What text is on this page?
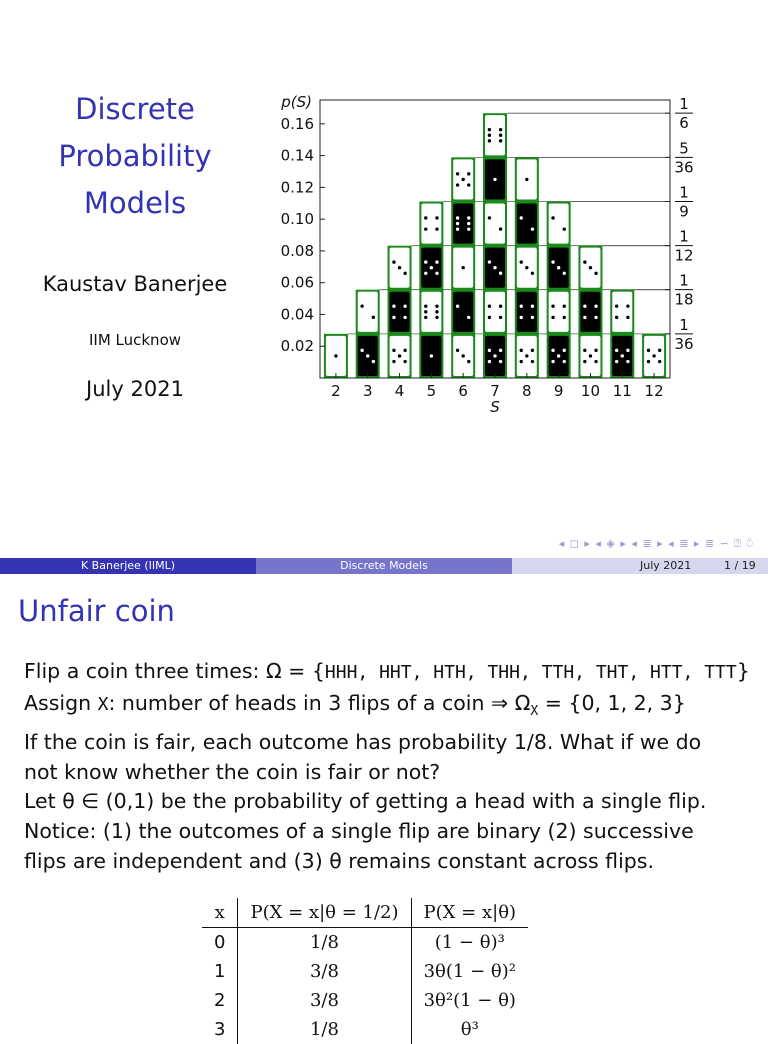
Discrete
Probability
Models
Kaustav Banerjee
IIM Lucknow
July 2021
0.02
0.04
0.06
0.08
0.10
0.12
0.14
0.16
p(S)
2 3 4 5 6 7 8 9 10 11 12
S
1
36
1
18
1
12
1
9
5
36
1
6
◂ ◻ ▸ ◂ ◈ ▸ ◂ ≣ ▸ ◂ ≣ ▸ ≣ ∽ ⍰ ⍥
K Banerjee (IIML)	Discrete Models	July 2021	1 / 19
Unfair coin

Flip a coin three times: Ω = {HHH, HHT, HTH, THH, TTH, THT, HTT, TTT}

Assign X: number of heads in 3 flips of a coin ⇒ $\Omega_X = \{0$, 1, 2, 3}

If the coin is fair, each outcome has probability 1/8. What if we do

not know whether the coin is fair or not?

Let θ ∈ (0,1) be the probability of getting a head with a single flip.

Notice: (1) the outcomes of a single flip are binary (2) successive

flips are independent and (3) θ remains constant across flips.

x	P(X = x|θ = 1/2)	P(X = x|θ)
0	1/8	(1 − θ)³
1	3/8	3θ(1 − θ)²
2	3/8	3θ²(1 − θ)
3	1/8	θ³
